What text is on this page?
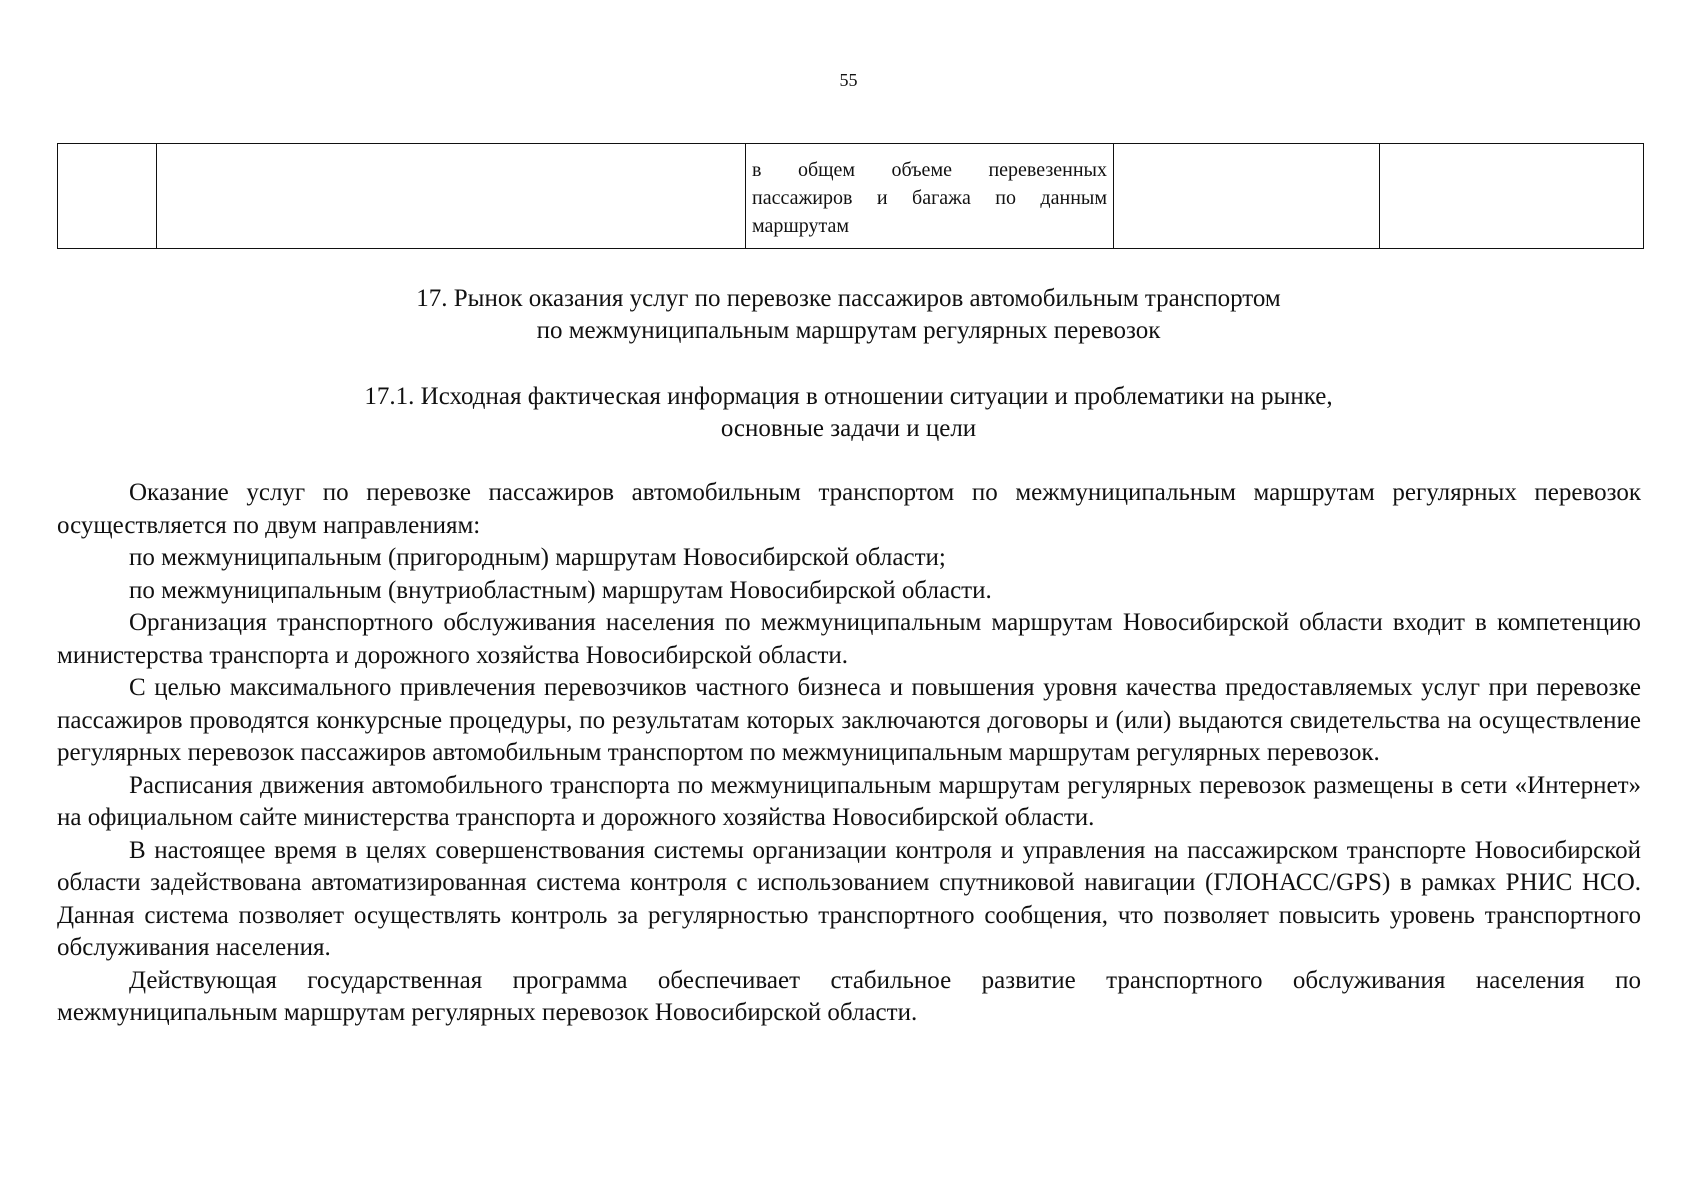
55
		в общем объеме перевезенных пассажиров и багажа по данным маршрутам		
17. Рынок оказания услуг по перевозке пассажиров автомобильным транспортом
по межмуниципальным маршрутам регулярных перевозок
17.1. Исходная фактическая информация в отношении ситуации и проблематики на рынке,
основные задачи и цели

Оказание услуг по перевозке пассажиров автомобильным транспортом по межмуниципальным маршрутам регулярных перевозок осуществляется по двум направлениям:

по межмуниципальным (пригородным) маршрутам Новосибирской области;

по межмуниципальным (внутриобластным) маршрутам Новосибирской области.

Организация транспортного обслуживания населения по межмуниципальным маршрутам Новосибирской области входит в компетенцию министерства транспорта и дорожного хозяйства Новосибирской области.

С целью максимального привлечения перевозчиков частного бизнеса и повышения уровня качества предоставляемых услуг при перевозке пассажиров проводятся конкурсные процедуры, по результатам которых заключаются договоры и (или) выдаются свидетельства на осуществление регулярных перевозок пассажиров автомобильным транспортом по межмуниципальным маршрутам регулярных перевозок.

Расписания движения автомобильного транспорта по межмуниципальным маршрутам регулярных перевозок размещены в сети «Интернет» на официальном сайте министерства транспорта и дорожного хозяйства Новосибирской области.

В настоящее время в целях совершенствования системы организации контроля и управления на пассажирском транспорте Новосибирской области задействована автоматизированная система контроля с использованием спутниковой навигации (ГЛОНАСС/GPS) в рамках РНИС НСО. Данная система позволяет осуществлять контроль за регулярностью транспортного сообщения, что позволяет повысить уровень транспортного обслуживания населения.

Действующая государственная программа обеспечивает стабильное развитие транспортного обслуживания населения по межмуниципальным маршрутам регулярных перевозок Новосибирской области.
